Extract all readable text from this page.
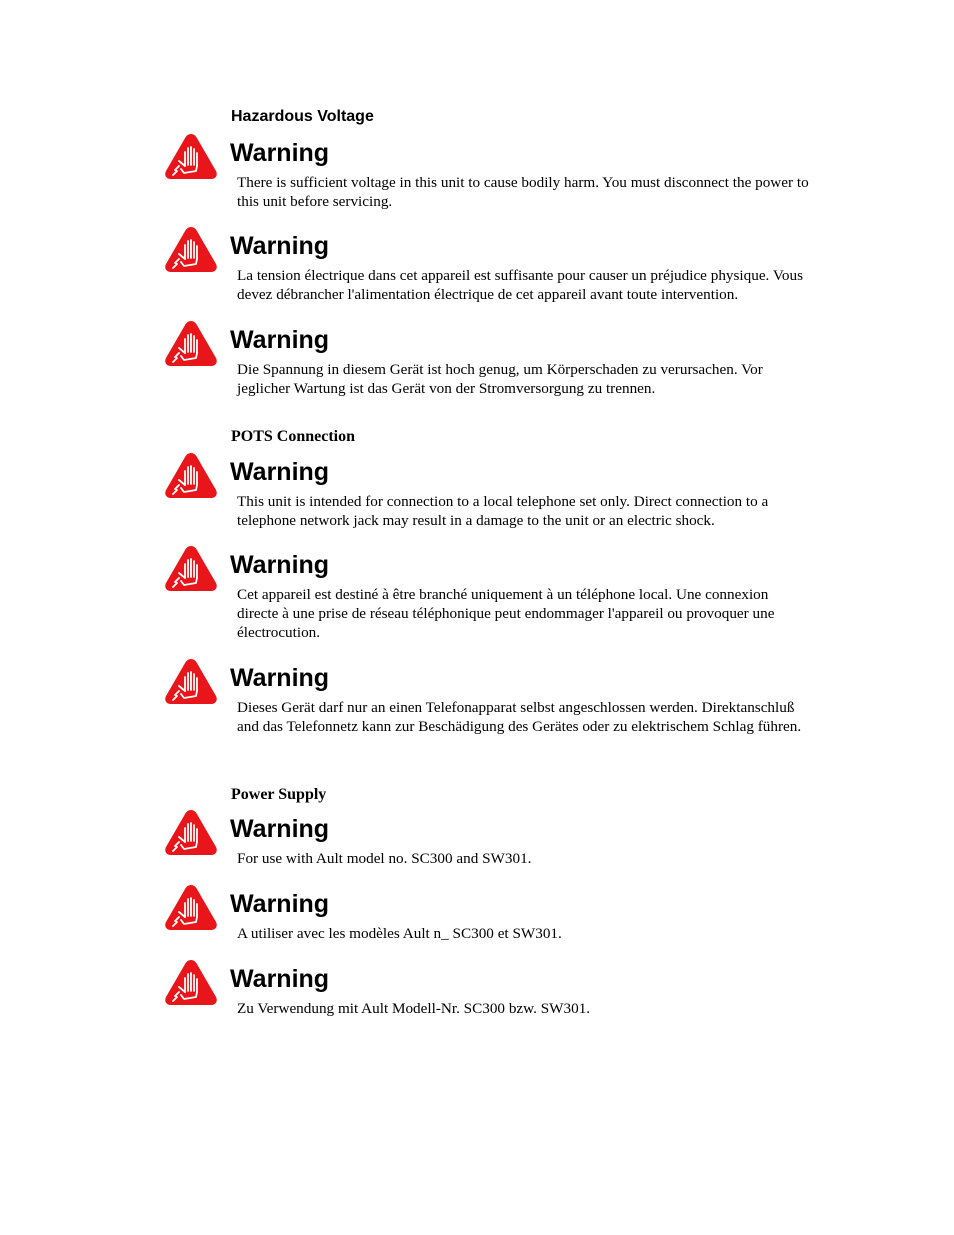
Hazardous Voltage
Warning

There is sufficient voltage in this unit to cause bodily harm. You must disconnect the power to this unit before servicing.

Warning

La tension électrique dans cet appareil est suffisante pour causer un préjudice physique. Vous devez débrancher l'alimentation électrique de cet appareil avant toute intervention.

Warning

Die Spannung in diesem Gerät ist hoch genug, um Körperschaden zu verursachen. Vor jeglicher Wartung ist das Gerät von der Stromversorgung zu trennen.

POTS Connection
Warning

This unit is intended for connection to a local telephone set only. Direct connection to a telephone network jack may result in a damage to the unit or an electric shock.

Warning

Cet appareil est destiné à être branché uniquement à un téléphone local. Une connexion directe à une prise de réseau téléphonique peut endommager l'appareil ou provoquer une électrocution.

Warning

Dieses Gerät darf nur an einen Telefonapparat selbst angeschlossen werden. Direktanschluß and das Telefonnetz kann zur Beschädigung des Gerätes oder zu elektrischem Schlag führen.

Power Supply
Warning

For use with Ault model no. SC300 and SW301.

Warning

A utiliser avec les modèles Ault n_ SC300 et SW301.

Warning

Zu Verwendung mit Ault Modell-Nr. SC300 bzw. SW301.
